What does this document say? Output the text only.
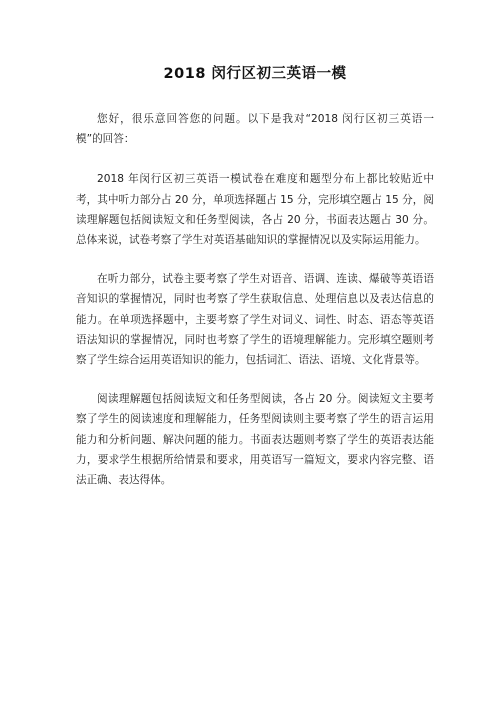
2018 闵行区初三英语一模

您好，很乐意回答您的问题。以下是我对“2018 闵行区初三英语一模”的回答：

2018 年闵行区初三英语一模试卷在难度和题型分布上都比较贴近中考，其中听力部分占 20 分，单项选择题占 15 分，完形填空题占 15 分，阅读理解题包括阅读短文和任务型阅读，各占 20 分，书面表达题占 30 分。总体来说，试卷考察了学生对英语基础知识的掌握情况以及实际运用能力。

在听力部分，试卷主要考察了学生对语音、语调、连读、爆破等英语语音知识的掌握情况，同时也考察了学生获取信息、处理信息以及表达信息的能力。在单项选择题中，主要考察了学生对词义、词性、时态、语态等英语语法知识的掌握情况，同时也考察了学生的语境理解能力。完形填空题则考察了学生综合运用英语知识的能力，包括词汇、语法、语境、文化背景等。

阅读理解题包括阅读短文和任务型阅读，各占 20 分。阅读短文主要考察了学生的阅读速度和理解能力，任务型阅读则主要考察了学生的语言运用能力和分析问题、解决问题的能力。书面表达题则考察了学生的英语表达能力，要求学生根据所给情景和要求，用英语写一篇短文，要求内容完整、语法正确、表达得体。
